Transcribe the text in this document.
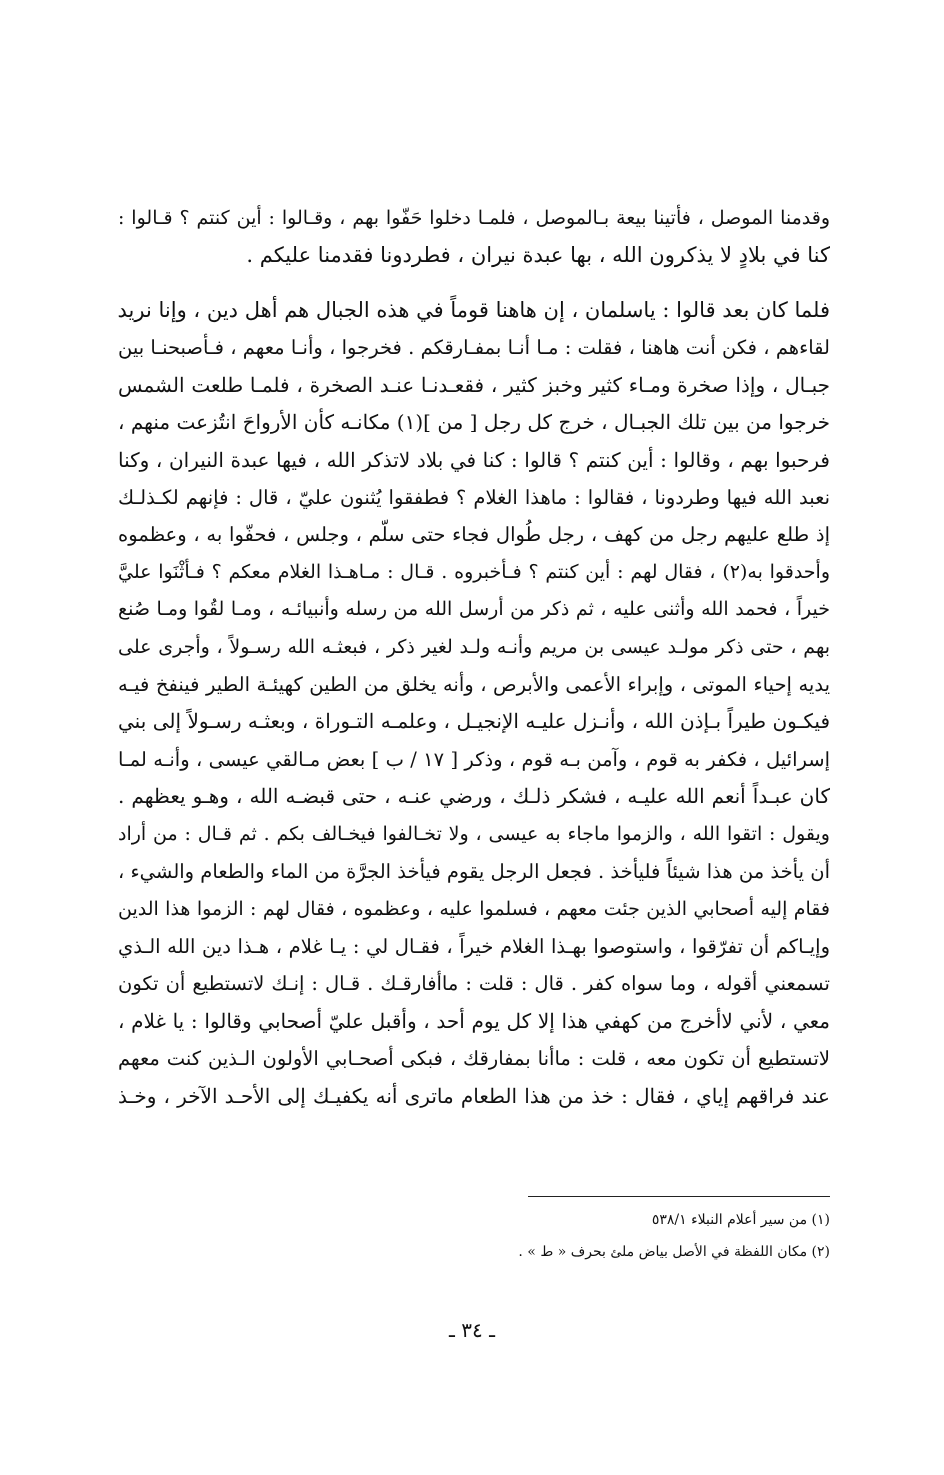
وقدمنا الموصل ، فأتينا بيعة بـالموصل ، فلمـا دخلوا حَفّوا بهم ، وقـالوا : أين كنتم ؟ قـالوا :
كنا في بلادٍ لا يذكرون الله ، بها عبدة نيران ، فطردونا فقدمنا عليكم .
فلما كان بعد قالوا : ياسلمان ، إن هاهنا قوماً في هذه الجبال هم أهل دين ، وإنا نريد
لقاءهم ، فكن أنت هاهنا ، فقلت : مـا أنـا بمفـارقكم . فخرجوا ، وأنـا معهم ، فـأصبحنـا بين
جبـال ، وإذا صخرة ومـاء كثير وخبز كثير ، فقعـدنـا عنـد الصخرة ، فلمـا طلعت الشمس
خرجوا من بين تلك الجبـال ، خرج كل رجل [ من ](١) مكانـه كأن الأرواحَ انتُزعت منهم ،
فرحبوا بهم ، وقالوا : أين كنتم ؟ قالوا : كنا في بلاد لاتذكر الله ، فيها عبدة النيران ، وكنا
نعبد الله فيها وطردونا ، فقالوا : ماهذا الغلام ؟ فطفقوا يُثنون عليّ ، قال : فإنهم لكـذلـك
إذ طلع عليهم رجل من كهف ، رجل طُوال فجاء حتى سلّم ، وجلس ، فحفّوا به ، وعظموه
وأحدقوا به(٢) ، فقال لهم : أين كنتم ؟ فـأخبروه . قـال : مـاهـذا الغلام معكم ؟ فـأثْنَوا عليَّ
خيراً ، فحمد الله وأثنى عليه ، ثم ذكر من أرسل الله من رسله وأنبيائـه ، ومـا لقُوا ومـا صُنع
بهم ، حتى ذكر مولـد عيسى بن مريم وأنـه ولـد لغير ذكر ، فبعثـه الله رسـولاً ، وأجرى على
يديه إحياء الموتى ، وإبراء الأعمى والأبرص ، وأنه يخلق من الطين كهيئـة الطير فينفخ فيـه
فيكـون طيراً بـإذن الله ، وأنـزل عليـه الإنجيـل ، وعلمـه التـوراة ، وبعثـه رسـولاً إلى بني
إسرائيل ، فكفر به قوم ، وآمن بـه قوم ، وذكر [ ١٧ / ب ] بعض مـالقي عيسى ، وأنـه لمـا
كان عبـداً أنعم الله عليـه ، فشكر ذلـك ، ورضي عنـه ، حتى قبضـه الله ، وهـو يعظهم .
ويقول : اتقوا الله ، والزموا ماجاء به عيسى ، ولا تخـالفوا فيخـالف بكم . ثم قـال : من أراد
أن يأخذ من هذا شيئاً فليأخذ . فجعل الرجل يقوم فيأخذ الجرَّة من الماء والطعام والشيء ،
فقام إليه أصحابي الذين جئت معهم ، فسلموا عليه ، وعظموه ، فقال لهم : الزموا هذا الدين
وإيـاكم أن تفرّقوا ، واستوصوا بهـذا الغلام خيراً ، فقـال لي : يـا غلام ، هـذا دين الله الـذي
تسمعني أقوله ، وما سواه كفر . قال : قلت : ماأفارقـك . قـال : إنـك لاتستطيع أن تكون
معي ، لأني لاأخرج من كهفي هذا إلا كل يوم أحد ، وأقبل عليّ أصحابي وقالوا : يا غلام ،
لاتستطيع أن تكون معه ، قلت : ماأنا بمفارقك ، فبكى أصحـابي الأولون الـذين كنت معهم
عند فراقهم إياي ، فقال : خذ من هذا الطعام ماترى أنه يكفيـك إلى الأحـد الآخر ، وخـذ
(١) من سير أعلام النبلاء ٥٣٨/١
(٢) مكان اللفظة في الأصل بياض ملئ بحرف « ط » .
ـ ٣٤ ـ
